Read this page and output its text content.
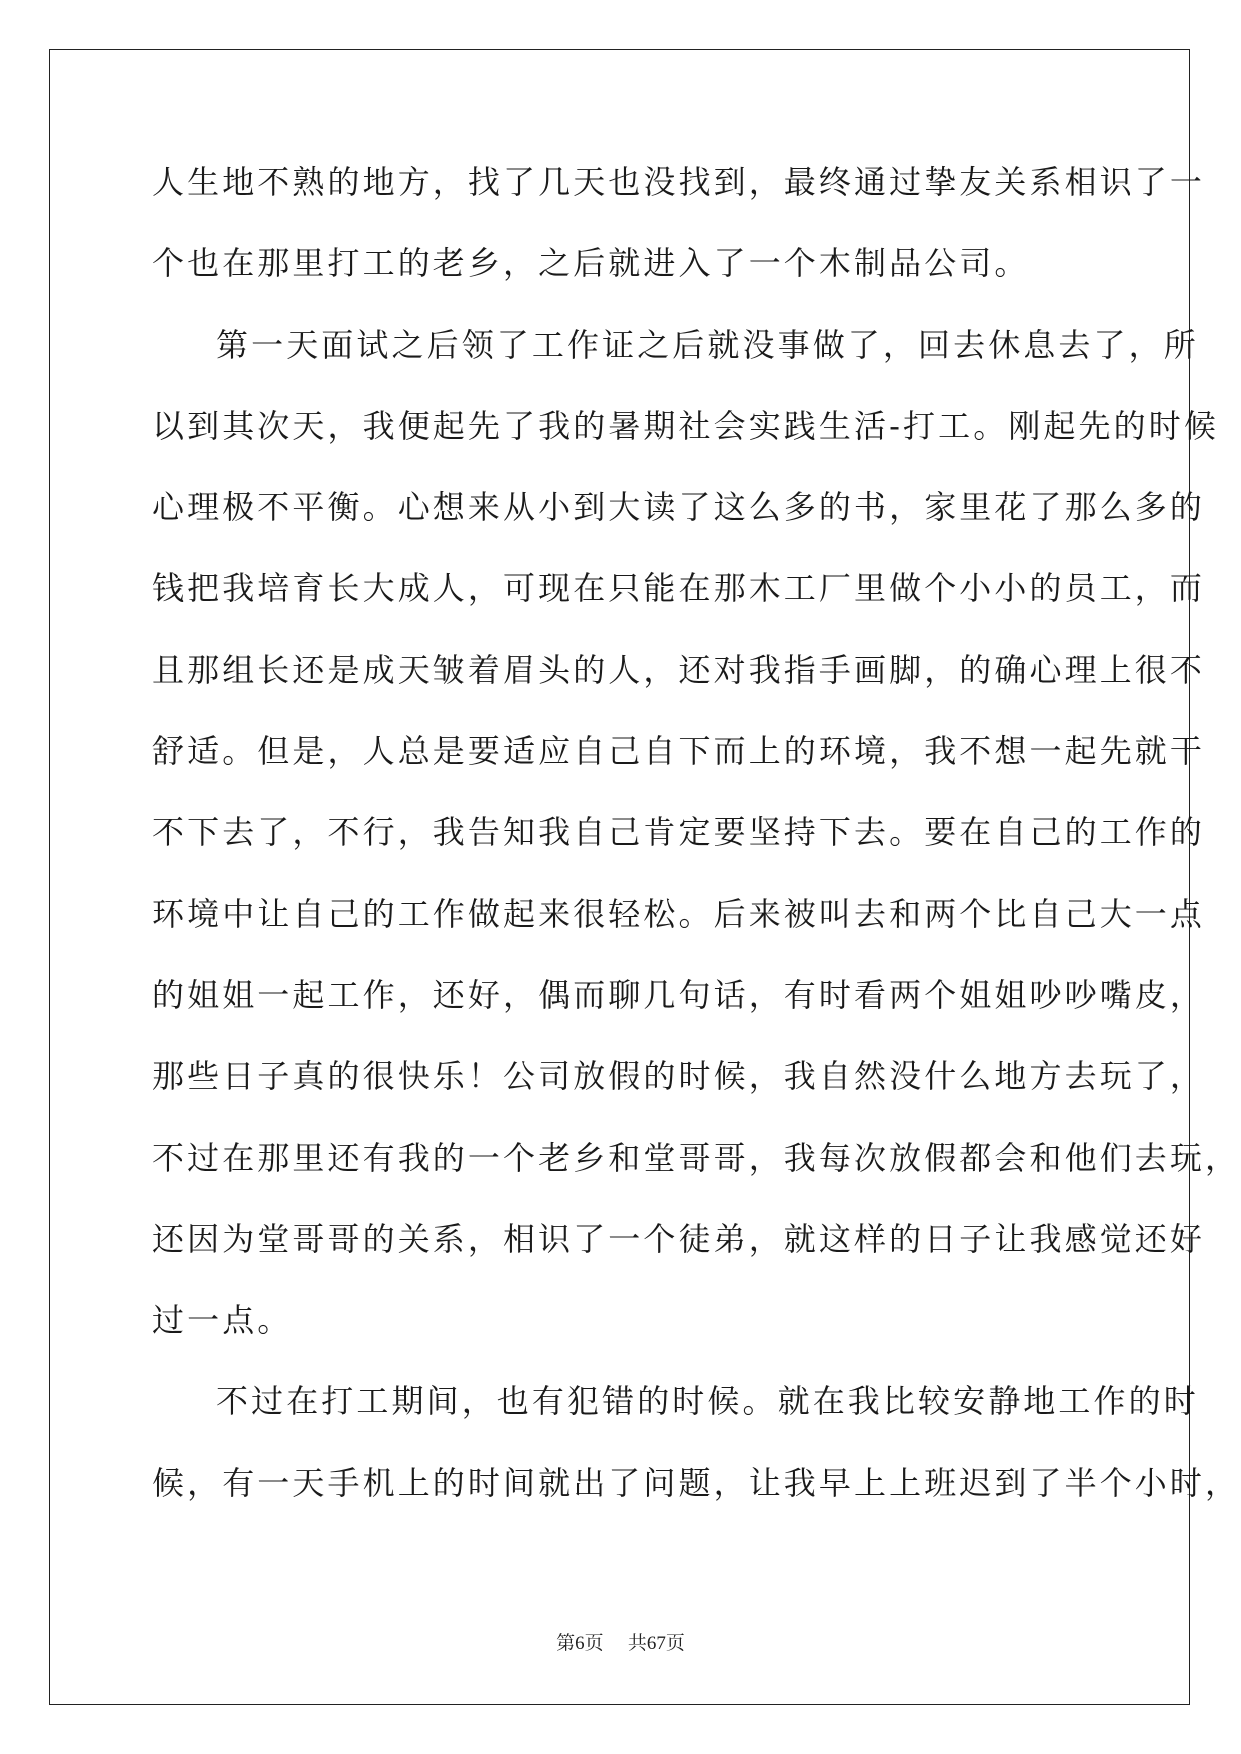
人生地不熟的地方，找了几天也没找到，最终通过挚友关系相识了一
个也在那里打工的老乡，之后就进入了一个木制品公司。
第一天面试之后领了工作证之后就没事做了，回去休息去了，所
以到其次天，我便起先了我的暑期社会实践生活-打工。刚起先的时候
心理极不平衡。心想来从小到大读了这么多的书，家里花了那么多的
钱把我培育长大成人，可现在只能在那木工厂里做个小小的员工，而
且那组长还是成天皱着眉头的人，还对我指手画脚，的确心理上很不
舒适。但是，人总是要适应自己自下而上的环境，我不想一起先就干
不下去了，不行，我告知我自己肯定要坚持下去。要在自己的工作的
环境中让自己的工作做起来很轻松。后来被叫去和两个比自己大一点
的姐姐一起工作，还好，偶而聊几句话，有时看两个姐姐吵吵嘴皮，
那些日子真的很快乐！公司放假的时候，我自然没什么地方去玩了，
不过在那里还有我的一个老乡和堂哥哥，我每次放假都会和他们去玩，
还因为堂哥哥的关系，相识了一个徒弟，就这样的日子让我感觉还好
过一点。
不过在打工期间，也有犯错的时候。就在我比较安静地工作的时
候，有一天手机上的时间就出了问题，让我早上上班迟到了半个小时，
第6页 共67页
